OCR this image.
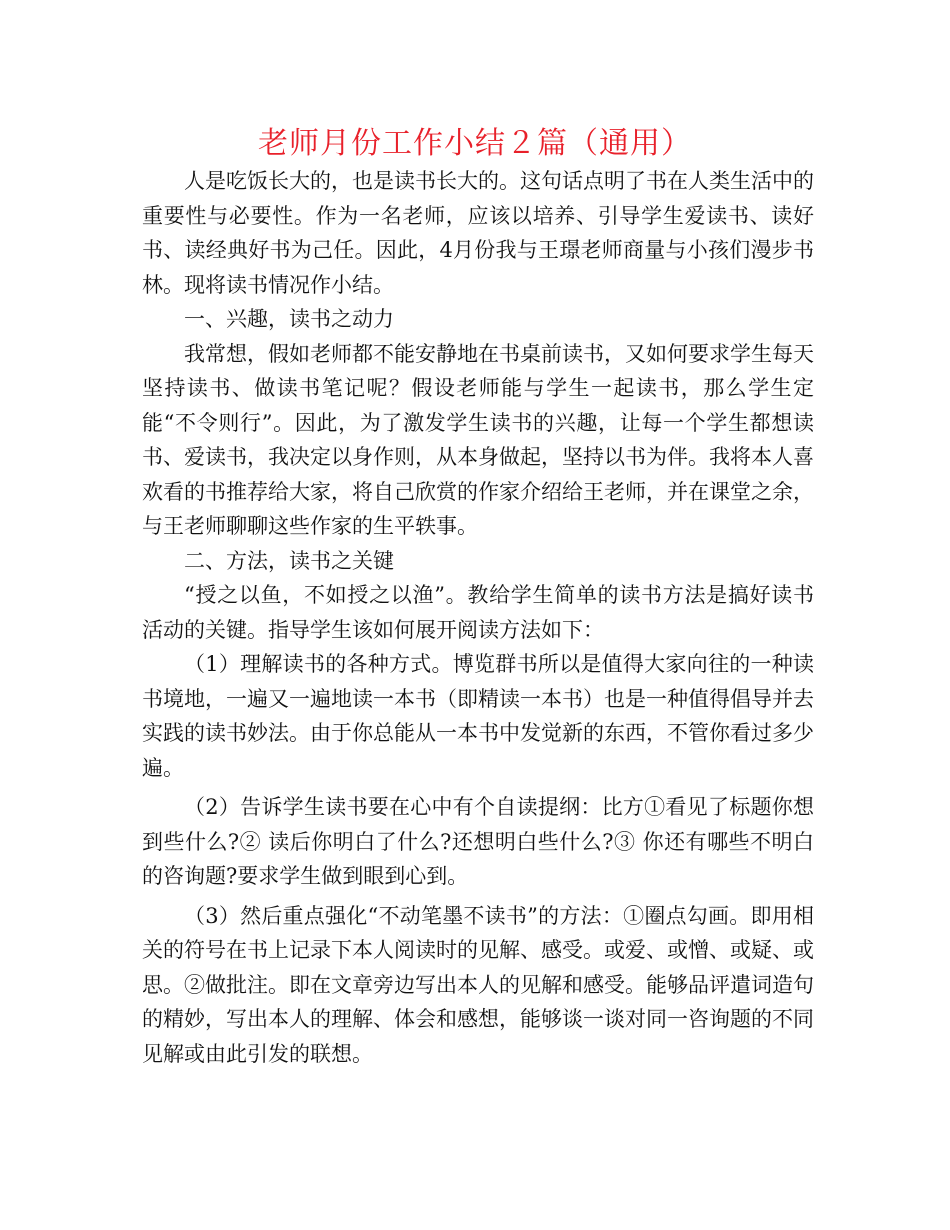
老师月份工作小结２篇（通用）

人是吃饭长大的，也是读书长大的。这句话点明了书在人类生活中的重要性与必要性。作为一名老师，应该以培养、引导学生爱读书、读好书、读经典好书为己任。因此，4月份我与王璟老师商量与小孩们漫步书林。现将读书情况作小结。

一、兴趣，读书之动力

我常想，假如老师都不能安静地在书桌前读书，又如何要求学生每天坚持读书、做读书笔记呢？假设老师能与学生一起读书，那么学生定能“不令则行”。因此，为了激发学生读书的兴趣，让每一个学生都想读书、爱读书，我决定以身作则，从本身做起，坚持以书为伴。我将本人喜欢看的书推荐给大家，将自己欣赏的作家介绍给王老师，并在课堂之余，与王老师聊聊这些作家的生平轶事。

二、方法，读书之关键

“授之以鱼，不如授之以渔”。教给学生简单的读书方法是搞好读书活动的关键。指导学生该如何展开阅读方法如下：

（1）理解读书的各种方式。博览群书所以是值得大家向往的一种读书境地，一遍又一遍地读一本书（即精读一本书）也是一种值得倡导并去实践的读书妙法。由于你总能从一本书中发觉新的东西，不管你看过多少遍。

（2）告诉学生读书要在心中有个自读提纲：比方①看见了标题你想到些什么?② 读后你明白了什么?还想明白些什么?③ 你还有哪些不明白的咨询题?要求学生做到眼到心到。

（3）然后重点强化“不动笔墨不读书”的方法：①圈点勾画。即用相关的符号在书上记录下本人阅读时的见解、感受。或爱、或憎、或疑、或思。②做批注。即在文章旁边写出本人的见解和感受。能够品评遣词造句的精妙，写出本人的理解、体会和感想，能够谈一谈对同一咨询题的不同见解或由此引发的联想。
